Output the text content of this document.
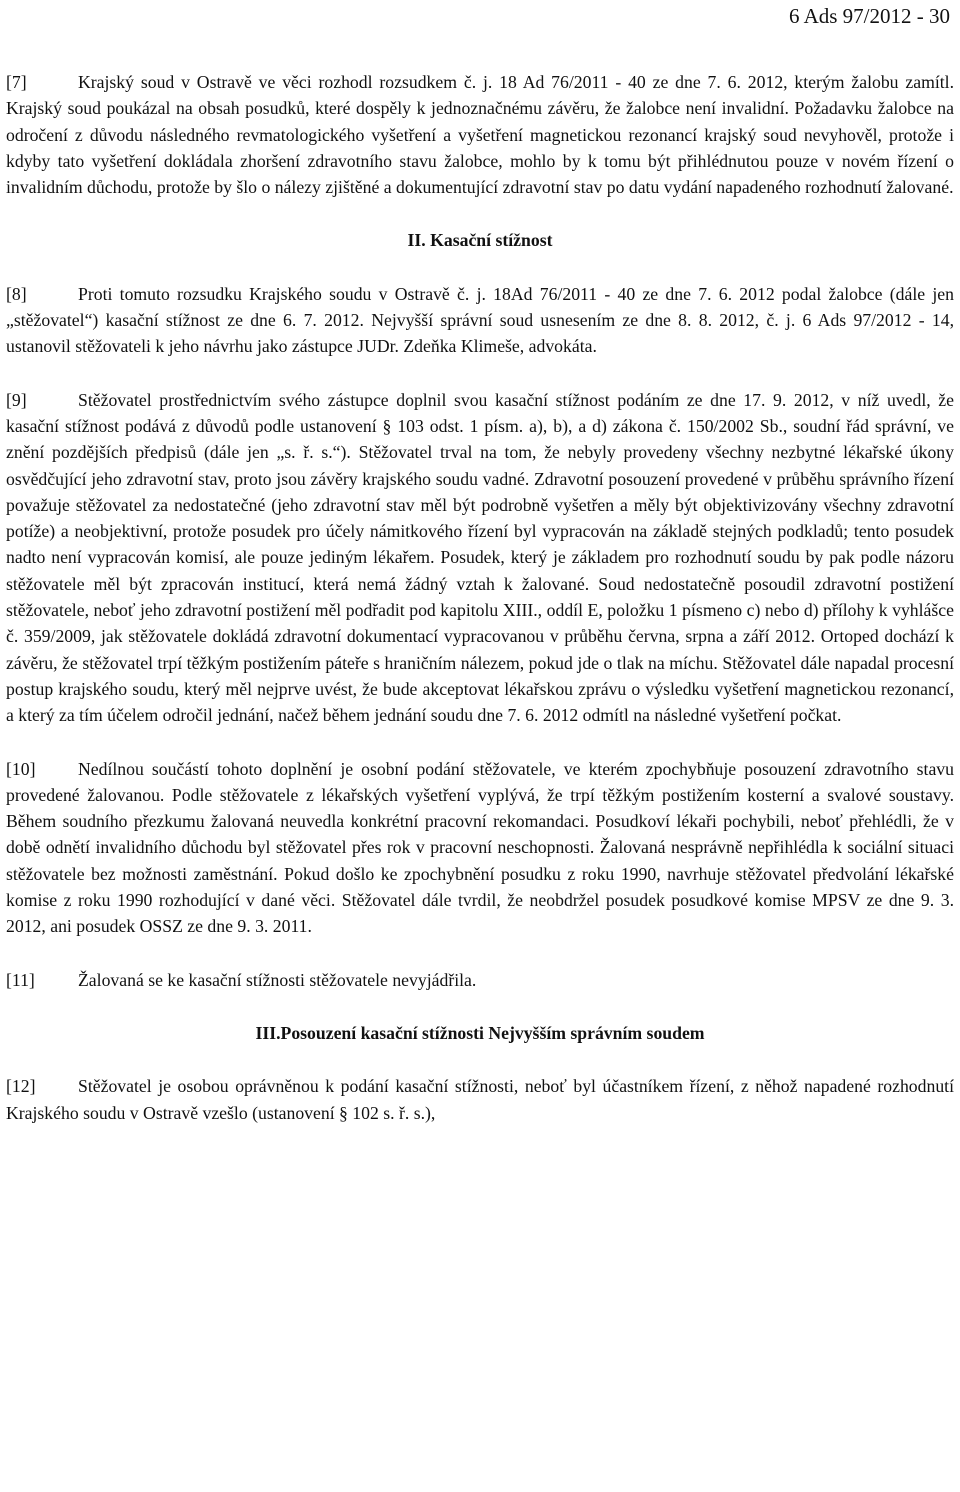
6 Ads 97/2012 - 30

[7]	Krajský soud v Ostravě ve věci rozhodl rozsudkem č. j. 18 Ad 76/2011 - 40 ze dne 7. 6. 2012, kterým žalobu zamítl. Krajský soud poukázal na obsah posudků, které dospěly k jednoznačnému závěru, že žalobce není invalidní. Požadavku žalobce na odročení z důvodu následného revmatologického vyšetření a vyšetření magnetickou rezonancí krajský soud nevyhověl, protože i kdyby tato vyšetření dokládala zhoršení zdravotního stavu žalobce, mohlo by k tomu být přihlédnutou pouze v novém řízení o invalidním důchodu, protože by šlo o nálezy zjištěné a dokumentující zdravotní stav po datu vydání napadeného rozhodnutí žalované.

II. Kasační stížnost

[8]	Proti tomuto rozsudku Krajského soudu v Ostravě č. j. 18Ad 76/2011 - 40 ze dne 7. 6. 2012 podal žalobce (dále jen „stěžovatel“) kasační stížnost ze dne 6. 7. 2012. Nejvyšší správní soud usnesením ze dne 8. 8. 2012, č. j. 6 Ads 97/2012 - 14, ustanovil stěžovateli k jeho návrhu jako zástupce JUDr. Zdeňka Klimeše, advokáta.

[9]	Stěžovatel prostřednictvím svého zástupce doplnil svou kasační stížnost podáním ze dne 17. 9. 2012, v níž uvedl, že kasační stížnost podává z důvodů podle ustanovení § 103 odst. 1 písm. a), b), a d) zákona č. 150/2002 Sb., soudní řád správní, ve znění pozdějších předpisů (dále jen „s. ř. s.“). Stěžovatel trval na tom, že nebyly provedeny všechny nezbytné lékařské úkony osvědčující jeho zdravotní stav, proto jsou závěry krajského soudu vadné. Zdravotní posouzení provedené v průběhu správního řízení považuje stěžovatel za nedostatečné (jeho zdravotní stav měl být podrobně vyšetřen a měly být objektivizovány všechny zdravotní potíže) a neobjektivní, protože posudek pro účely námitkového řízení byl vypracován na základě stejných podkladů; tento posudek nadto není vypracován komisí, ale pouze jediným lékařem. Posudek, který je základem pro rozhodnutí soudu by pak podle názoru stěžovatele měl být zpracován institucí, která nemá žádný vztah k žalované. Soud nedostatečně posoudil zdravotní postižení stěžovatele, neboť jeho zdravotní postižení měl podřadit pod kapitolu XIII., oddíl E, položku 1 písmeno c) nebo d) přílohy k vyhlášce č. 359/2009, jak stěžovatele dokládá zdravotní dokumentací vypracovanou v průběhu června, srpna a září 2012. Ortoped dochází k závěru, že stěžovatel trpí těžkým postižením páteře s hraničním nálezem, pokud jde o tlak na míchu. Stěžovatel dále napadal procesní postup krajského soudu, který měl nejprve uvést, že bude akceptovat lékařskou zprávu o výsledku vyšetření magnetickou rezonancí, a který za tím účelem odročil jednání, načež během jednání soudu dne 7. 6. 2012 odmítl na následné vyšetření počkat.

[10] Nedílnou součástí tohoto doplnění je osobní podání stěžovatele, ve kterém zpochybňuje posouzení zdravotního stavu provedené žalovanou. Podle stěžovatele z lékařských vyšetření vyplývá, že trpí těžkým postižením kosterní a svalové soustavy. Během soudního přezkumu žalovaná neuvedla konkrétní pracovní rekomandaci. Posudkoví lékaři pochybili, neboť přehlédli, že v době odnětí invalidního důchodu byl stěžovatel přes rok v pracovní neschopnosti. Žalovaná nesprávně nepřihlédla k sociální situaci stěžovatele bez možnosti zaměstnání. Pokud došlo ke zpochybnění posudku z roku 1990, navrhuje stěžovatel předvolání lékařské komise z roku 1990 rozhodující v dané věci. Stěžovatel dále tvrdil, že neobdržel posudek posudkové komise MPSV ze dne 9. 3. 2012, ani posudek OSSZ ze dne 9. 3. 2011.

[11] Žalovaná se ke kasační stížnosti stěžovatele nevyjádřila.

III.Posouzení kasační stížnosti Nejvyšším správním soudem

[12] Stěžovatel je osobou oprávněnou k podání kasační stížnosti, neboť byl účastníkem řízení, z něhož napadené rozhodnutí Krajského soudu v Ostravě vzešlo (ustanovení § 102 s. ř. s.),
